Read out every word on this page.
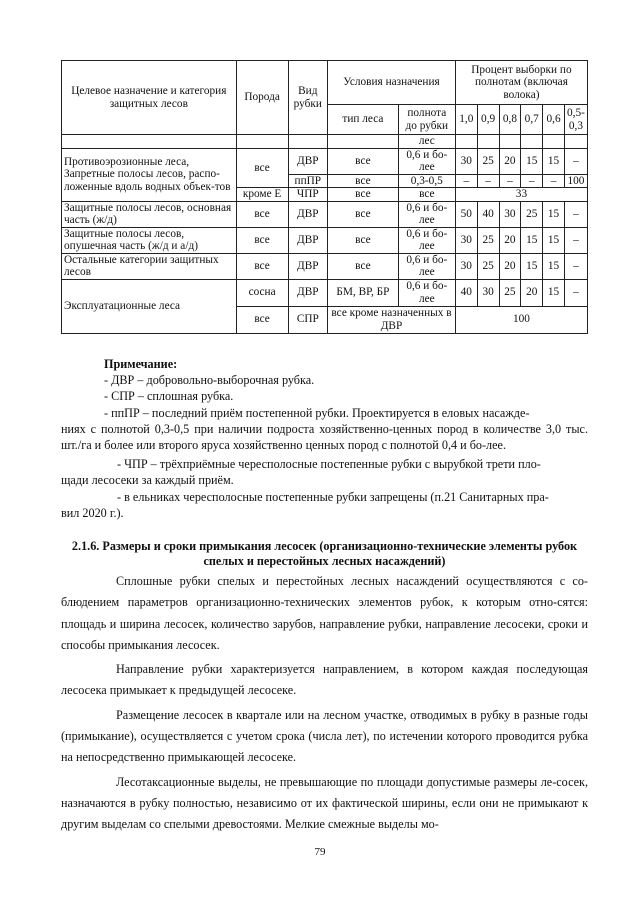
Целевое назначение и категория защитных лесов	Порода	Вид рубки	Условия назначения		Процент выборки по полнотам (включая волока)					
			тип леса	полнота до рубки	1,0	0,9	0,8	0,7	0,6	0,5-0,3
				лес						
Противоэрозионные леса, Запретные полосы лесов, распо-ложенные вдоль водных объек-тов	все	ДВР	все	0,6 и бо-лее	30	25	20	15	15	–
		ппПР	все	0,3-0,5	–	–	–	–	–	100
	кроме Е	ЧПР	все	все	33					
Защитные полосы лесов, основная часть (ж/д)	все	ДВР	все	0,6 и бо-лее	50	40	30	25	15	–
Защитные полосы лесов, опушечная часть (ж/д и а/д)	все	ДВР	все	0,6 и бо-лее	30	25	20	15	15	–
Остальные категории защитных лесов	все	ДВР	все	0,6 и бо-лее	30	25	20	15	15	–
Эксплуатационные леса	сосна	ДВР	БМ, ВР, БР	0,6 и бо-лее	40	30	25	20	15	–
	все	СПР	все кроме назначенных в ДВР		100					

Примечание:

- ДВР – добровольно-выборочная рубка.

- СПР – сплошная рубка.

- ппПР – последний приём постепенной рубки. Проектируется в еловых насажде-

ниях с полнотой 0,3-0,5 при наличии подроста хозяйственно-ценных пород в количестве 3,0 тыс. шт./га и более или второго яруса хозяйственно ценных пород с полнотой 0,4 и бо-лее.

- ЧПР – трёхприёмные чересполосные постепенные рубки с вырубкой трети пло-

щади лесосеки за каждый приём.

- в ельниках чересполосные постепенные рубки запрещены (п.21 Санитарных пра-

вил 2020 г.).

2.1.6. Размеры и сроки примыкания лесосек (организационно-технические элементы рубок спелых и перестойных лесных насаждений)

Сплошные рубки спелых и перестойных лесных насаждений осуществляются с со-блюдением параметров организационно-технических элементов рубок, к которым отно-сятся: площадь и ширина лесосек, количество зарубов, направление рубки, направление лесосеки, сроки и способы примыкания лесосек.

Направление рубки характеризуется направлением, в котором каждая последующая лесосека примыкает к предыдущей лесосеке.

Размещение лесосек в квартале или на лесном участке, отводимых в рубку в разные годы (примыкание), осуществляется с учетом срока (числа лет), по истечении которого проводится рубка на непосредственно примыкающей лесосеке.

Лесотаксационные выделы, не превышающие по площади допустимые размеры ле-сосек, назначаются в рубку полностью, независимо от их фактической ширины, если они не примыкают к другим выделам со спелыми древостоями. Мелкие смежные выделы мо-

79
